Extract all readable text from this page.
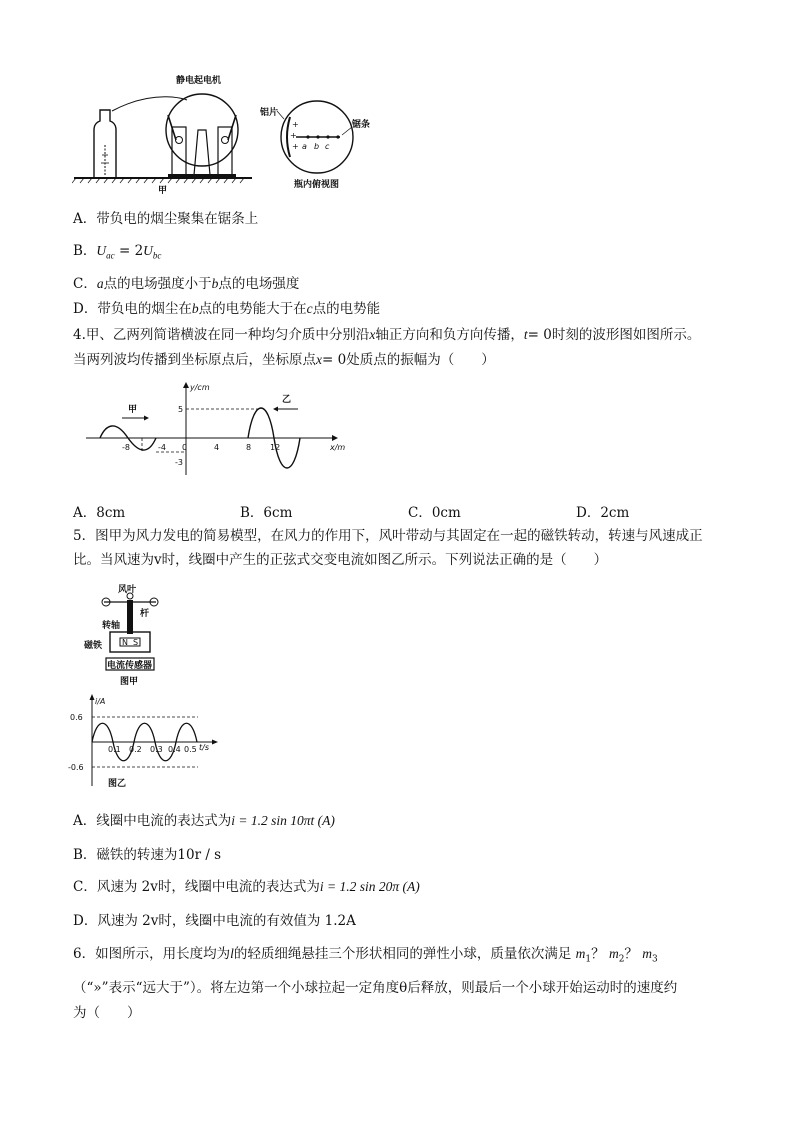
静电起电机
甲
+
+
+ a b c
铝片
锯条
瓶内俯视图
A．带负电的烟尘聚集在锯条上
B．$U_{ac} = 2U_{bc}$
C．a点的电场强度小于b点的电场强度
D．带负电的烟尘在b点的电势能大于在c点的电势能
4.甲、乙两列简谐横波在同一种均匀介质中分别沿x轴正方向和负方向传播，t= 0时刻的波形图如图所示。
当两列波均传播到坐标原点后，坐标原点x= 0处质点的振幅为（　　）
y/cm
x/m
-8	-4 0	4	8 12
5
-3
甲
乙
A．8cm	B．6cm	C．0cm	D．2cm
5．图甲为风力发电的简易模型，在风力的作用下，风叶带动与其固定在一起的磁铁转动，转速与风速成正
比。当风速为v时，线圈中产生的正弦式交变电流如图乙所示。下列说法正确的是（　　）
风叶
杆
转轴
N S
磁铁
电流传感器
图甲
i/A
t/s
0.6
-0.6
0.1 0.2 0.3 0.4 0.5
图乙
A．线圈中电流的表达式为i = 1.2 sin 10πt (A)
B．磁铁的转速为10r / s
C．风速为 2v时，线圈中电流的表达式为i = 1.2 sin 20π (A)
D．风速为 2v时，线圈中电流的有效值为 1.2A
6．如图所示，用长度均为l的轻质细绳悬挂三个形状相同的弹性小球，质量依次满足 $m_1$？ $m_2$？ $m_3$
（“»”表示“远大于”）。将左边第一个小球拉起一定角度θ后释放，则最后一个小球开始运动时的速度约
为（　　）
